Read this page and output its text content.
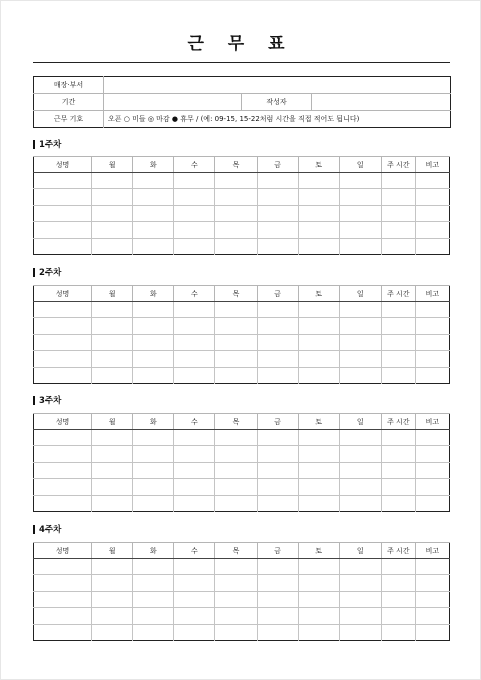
근 무 표
매장·부서			
기간		작성자	
근무 기호	오픈 ○ 미들 ◎ 마감 ● 휴무 / (예: 09-15, 15-22처럼 시간을 직접 적어도 됩니다)		
1주차
성명	월	화	수	목	금	토	일	주 시간	비고

2주차
성명	월	화	수	목	금	토	일	주 시간	비고

3주차
성명	월	화	수	목	금	토	일	주 시간	비고

4주차
성명	월	화	수	목	금	토	일	주 시간	비고
